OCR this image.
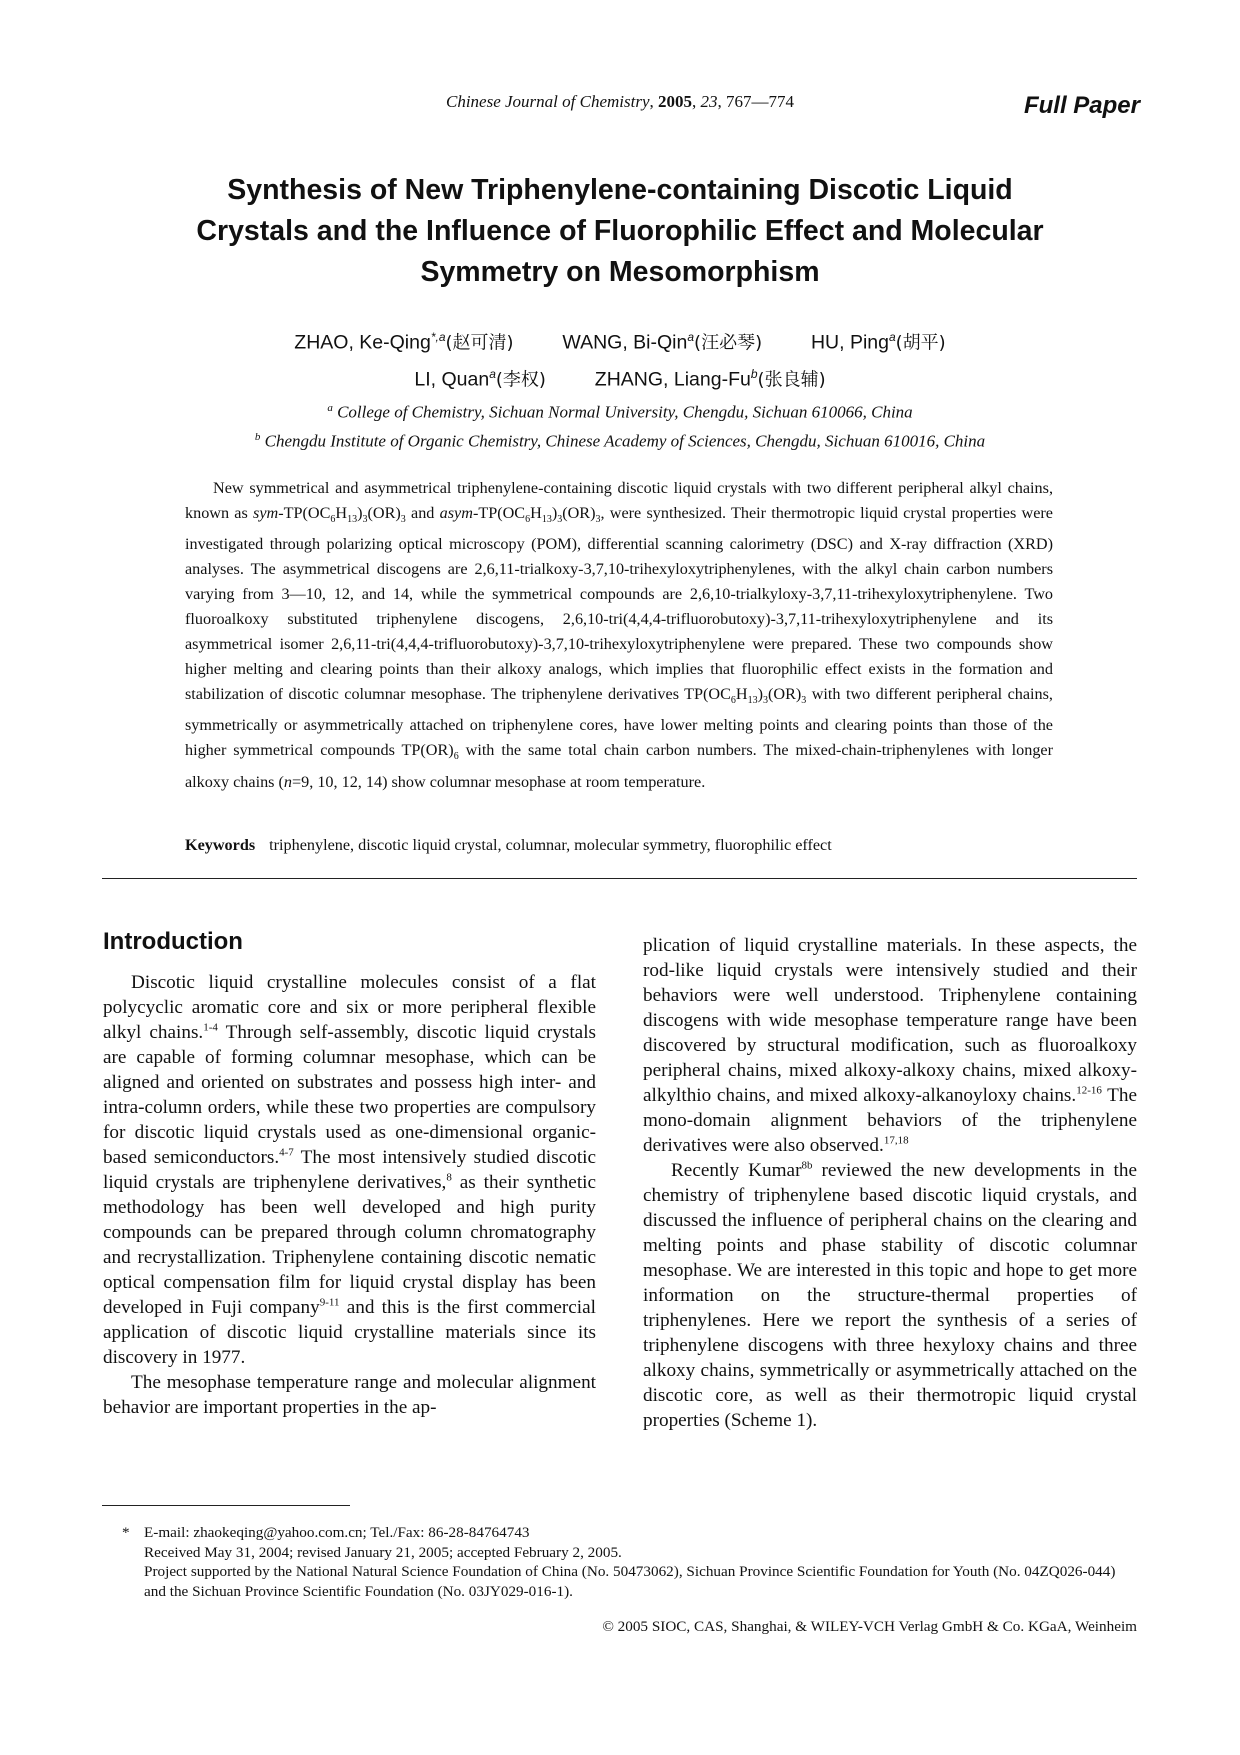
Chinese Journal of Chemistry, 2005, 23, 767—774	Full Paper
Synthesis of New Triphenylene-containing Discotic Liquid
Crystals and the Influence of Fluorophilic Effect and Molecular
Symmetry on Mesomorphism
ZHAO, Ke-Qing$^{*,a}$(赵可清)	WANG, Bi-Qin$^a$(汪必琴)	HU, Ping$^a$(胡平)
LI, Quan$^a$(李权)	ZHANG, Liang-Fu$^b$(张良辅)
$^a$ College of Chemistry, Sichuan Normal University, Chengdu, Sichuan 610066, China
$^b$ Chengdu Institute of Organic Chemistry, Chinese Academy of Sciences, Chengdu, Sichuan 610016, China

New symmetrical and asymmetrical triphenylene-containing discotic liquid crystals with two different peripheral alkyl chains, known as sym-$TP(OC_6H_{13})_3(OR)_3$ and asym-$TP(OC_6H_{13})_3(OR)_3$, were synthesized. Their thermotropic liquid crystal properties were investigated through polarizing optical microscopy (POM), differential scanning calorimetry (DSC) and X-ray diffraction (XRD) analyses. The asymmetrical discogens are 2,6,11-trialkoxy-3,7,10-trihexyloxytriphenylenes, with the alkyl chain carbon numbers varying from 3—10, 12, and 14, while the symmetrical compounds are 2,6,10-trialkyloxy-3,7,11-trihexyloxytriphenylene. Two fluoroalkoxy substituted triphenylene discogens, 2,6,10-tri(4,4,4-trifluorobutoxy)-3,7,11-trihexyloxytriphenylene and its asymmetrical isomer 2,6,11-tri(4,4,4-trifluorobutoxy)-3,7,10-trihexyloxytriphenylene were prepared. These two compounds show higher melting and clearing points than their alkoxy analogs, which implies that fluorophilic effect exists in the formation and stabilization of discotic columnar mesophase. The triphenylene derivatives $TP(OC_6H_{13})_3(OR)_3$ with two different peripheral chains, symmetrically or asymmetrically attached on triphenylene cores, have lower melting points and clearing points than those of the higher symmetrical compounds $TP(OR)_6$ with the same total chain carbon numbers. The mixed-chain-triphenylenes with longer alkoxy chains (n=9, 10, 12, 14) show columnar mesophase at room temperature.

Keywords triphenylene, discotic liquid crystal, columnar, molecular symmetry, fluorophilic effect
Introduction

Discotic liquid crystalline molecules consist of a flat polycyclic aromatic core and six or more peripheral flexible alkyl chains.$^{1-4}$ Through self-assembly, discotic liquid crystals are capable of forming columnar mesophase, which can be aligned and oriented on substrates and possess high inter- and intra-column orders, while these two properties are compulsory for discotic liquid crystals used as one-dimensional organic-based semiconductors.$^{4-7}$ The most intensively studied discotic liquid crystals are triphenylene derivatives,$^8$ as their synthetic methodology has been well developed and high purity compounds can be prepared through column chromatography and recrystallization. Triphenylene containing discotic nematic optical compensation film for liquid crystal display has been developed in Fuji company$^{9-11}$ and this is the first commercial application of discotic liquid crystalline materials since its discovery in 1977.

The mesophase temperature range and molecular alignment behavior are important properties in the ap-

plication of liquid crystalline materials. In these aspects, the rod-like liquid crystals were intensively studied and their behaviors were well understood. Triphenylene containing discogens with wide mesophase temperature range have been discovered by structural modification, such as fluoroalkoxy peripheral chains, mixed alkoxy-alkoxy chains, mixed alkoxy-alkylthio chains, and mixed alkoxy-alkanoyloxy chains.$^{12-16}$ The mono-domain alignment behaviors of the triphenylene derivatives were also observed.$^{17,18}$

Recently Kumar$^{8b}$ reviewed the new developments in the chemistry of triphenylene based discotic liquid crystals, and discussed the influence of peripheral chains on the clearing and melting points and phase stability of discotic columnar mesophase. We are interested in this topic and hope to get more information on the structure-thermal properties of triphenylenes. Here we report the synthesis of a series of triphenylene discogens with three hexyloxy chains and three alkoxy chains, symmetrically or asymmetrically attached on the discotic core, as well as their thermotropic liquid crystal properties (Scheme 1).

* E-mail: zhaokeqing@yahoo.com.cn; Tel./Fax: 86-28-84764743

Received May 31, 2004; revised January 21, 2005; accepted February 2, 2005.

Project supported by the National Natural Science Foundation of China (No. 50473062), Sichuan Province Scientific Foundation for Youth (No. 04ZQ026-044) and the Sichuan Province Scientific Foundation (No. 03JY029-016-1).

© 2005 SIOC, CAS, Shanghai, & WILEY-VCH Verlag GmbH & Co. KGaA, Weinheim
